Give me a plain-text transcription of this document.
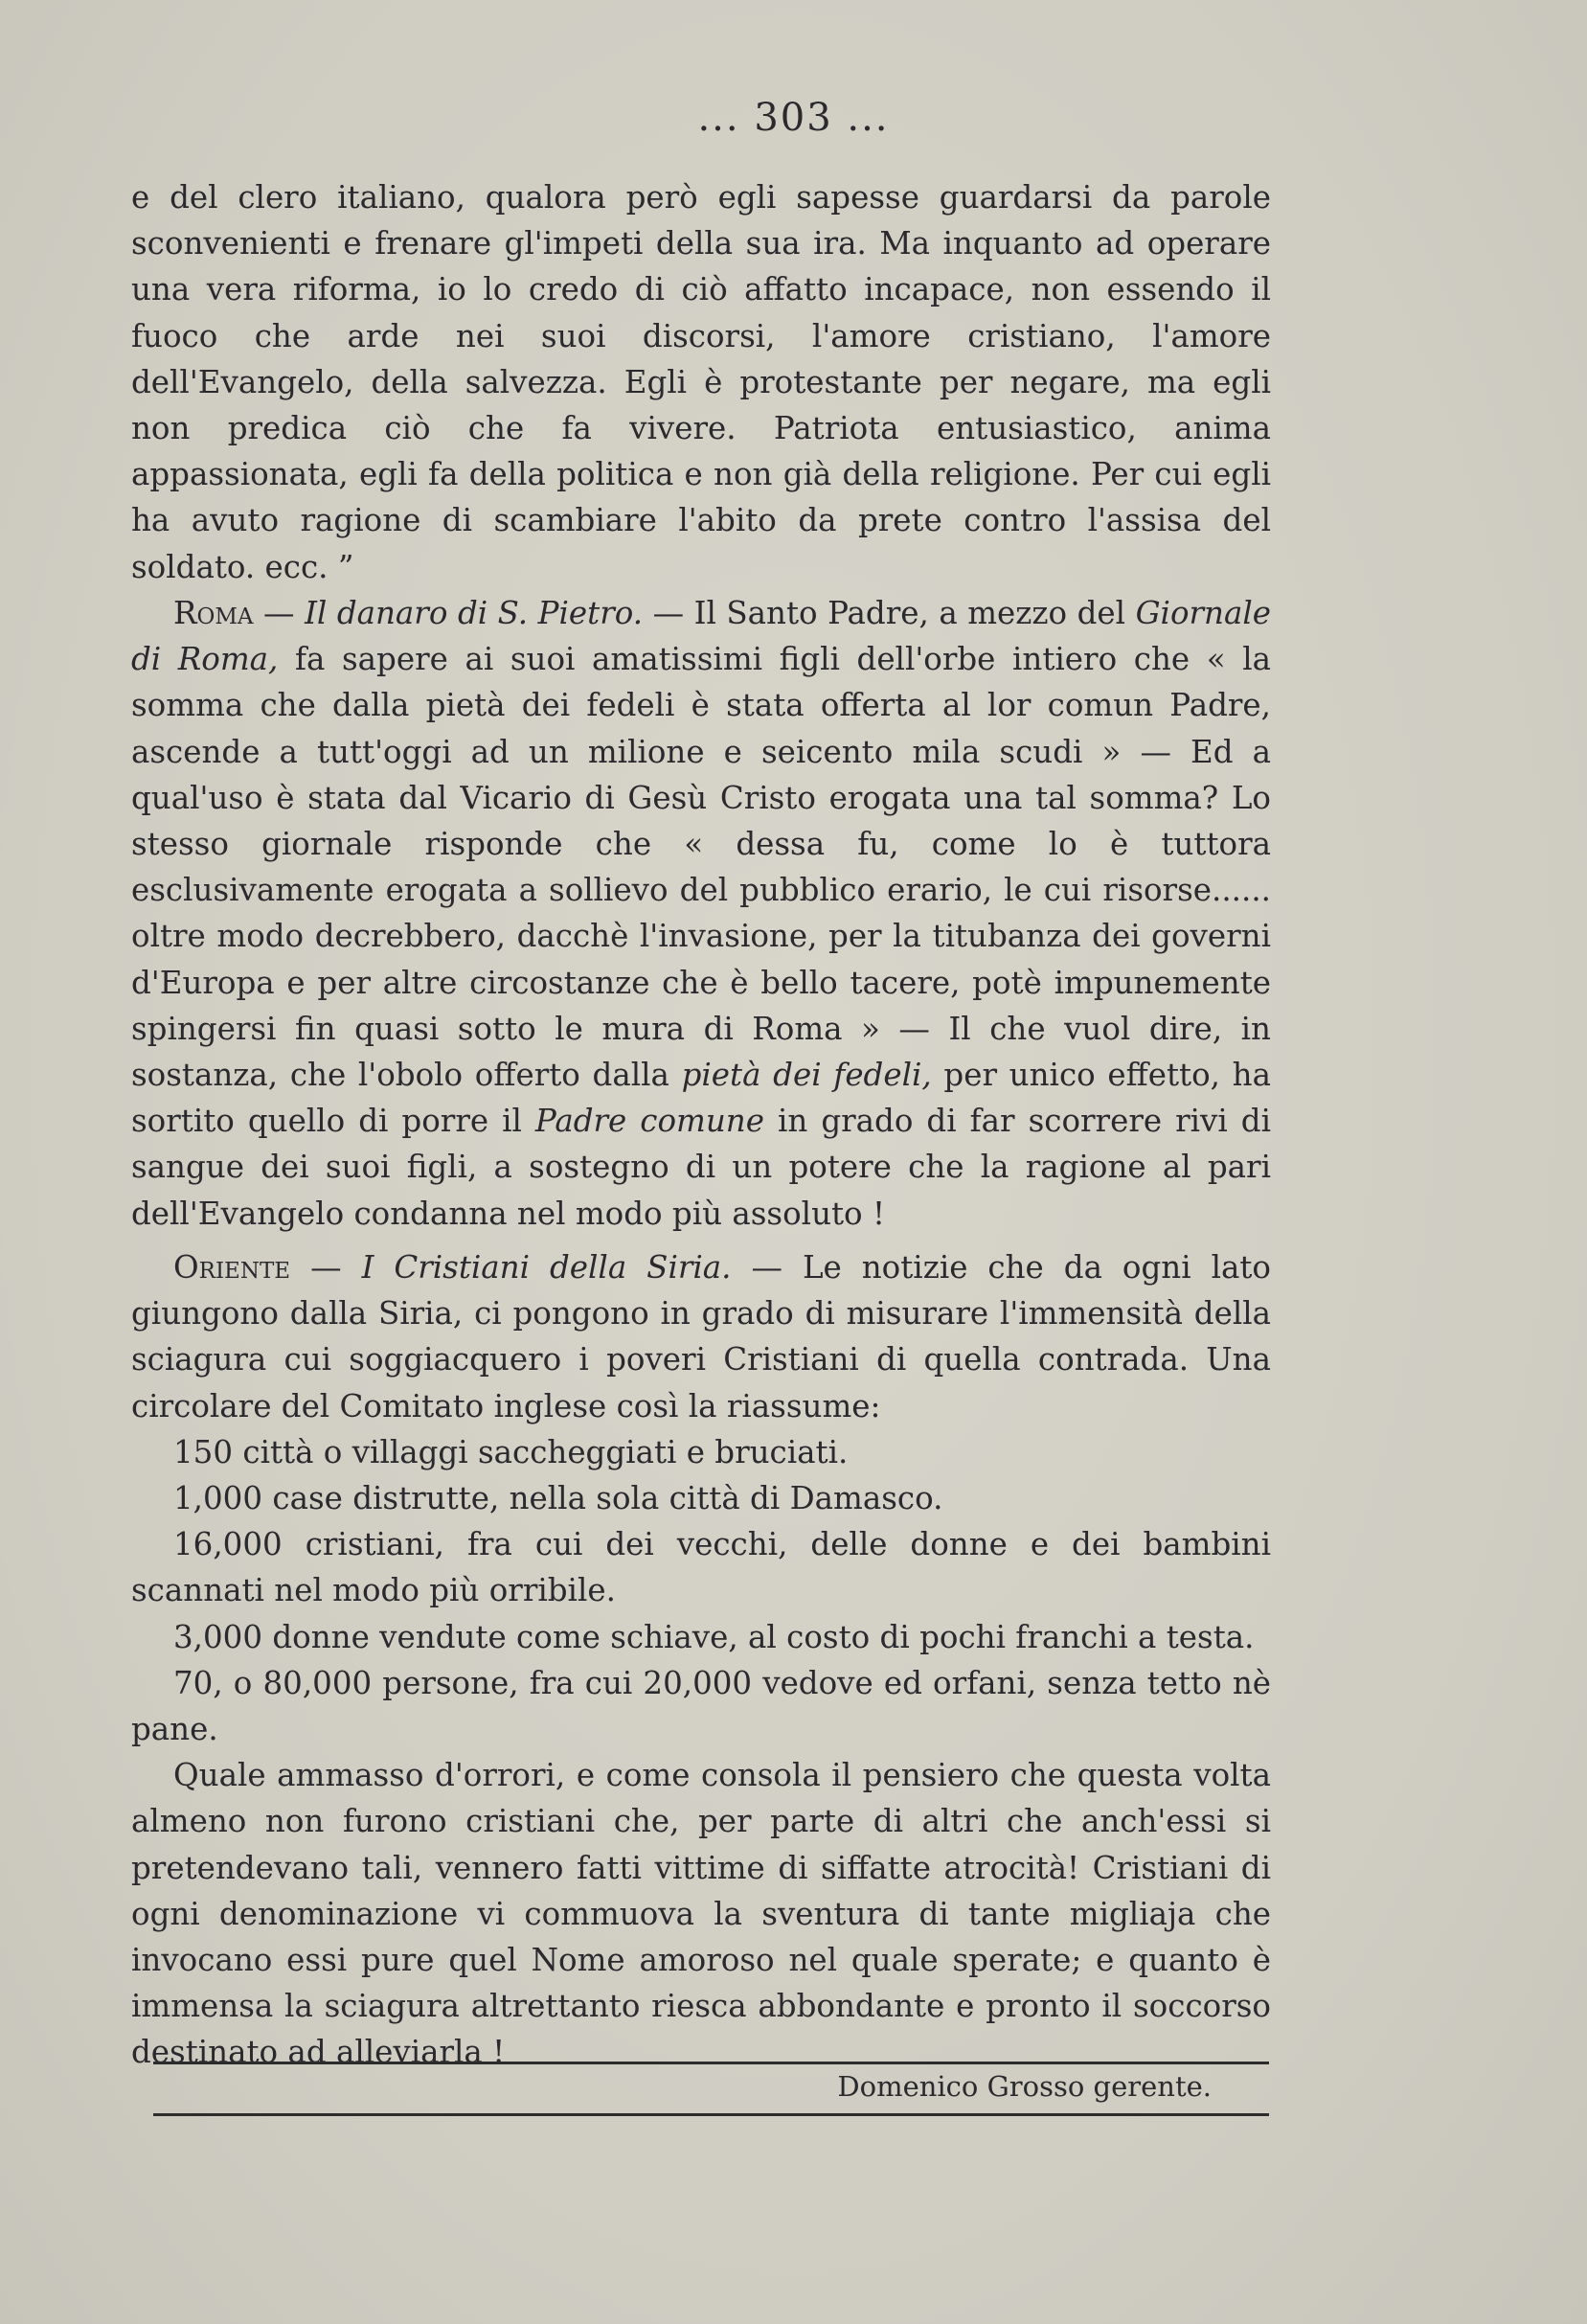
... 303 ...

e del clero italiano, qualora però egli sapesse guardarsi da parole sconvenienti e frenare gl'impeti della sua ira. Ma inquanto ad operare una vera riforma, io lo credo di ciò affatto incapace, non essendo il fuoco che arde nei suoi discorsi, l'amore cristiano, l'amore dell'Evangelo, della salvezza. Egli è protestante per negare, ma egli non predica ciò che fa vivere. Patriota entusiastico, anima appassionata, egli fa della politica e non già della religione. Per cui egli ha avuto ragione di scambiare l'abito da prete contro l'assisa del soldato. ecc. ”

Roma — Il danaro di S. Pietro. — Il Santo Padre, a mezzo del Giornale di Roma, fa sapere ai suoi amatissimi figli dell'orbe intiero che « la somma che dalla pietà dei fedeli è stata offerta al lor comun Padre, ascende a tutt'oggi ad un milione e seicento mila scudi » — Ed a qual'uso è stata dal Vicario di Gesù Cristo erogata una tal somma? Lo stesso giornale risponde che « dessa fu, come lo è tuttora esclusivamente erogata a sollievo del pubblico erario, le cui risorse...... oltre modo decrebbero, dacchè l'invasione, per la titubanza dei governi d'Europa e per altre circostanze che è bello tacere, potè impunemente spingersi fin quasi sotto le mura di Roma » — Il che vuol dire, in sostanza, che l'obolo offerto dalla pietà dei fedeli, per unico effetto, ha sortito quello di porre il Padre comune in grado di far scorrere rivi di sangue dei suoi figli, a sostegno di un potere che la ragione al pari dell'Evangelo condanna nel modo più assoluto !

Oriente — I Cristiani della Siria. — Le notizie che da ogni lato giungono dalla Siria, ci pongono in grado di misurare l'immensità della sciagura cui soggiacquero i poveri Cristiani di quella contrada. Una circolare del Comitato inglese così la riassume:

150 città o villaggi saccheggiati e bruciati.

1,000 case distrutte, nella sola città di Damasco.

16,000 cristiani, fra cui dei vecchi, delle donne e dei bambini scannati nel modo più orribile.

3,000 donne vendute come schiave, al costo di pochi franchi a testa.

70, o 80,000 persone, fra cui 20,000 vedove ed orfani, senza tetto nè pane.

Quale ammasso d'orrori, e come consola il pensiero che questa volta almeno non furono cristiani che, per parte di altri che anch'essi si pretendevano tali, vennero fatti vittime di siffatte atrocità! Cristiani di ogni denominazione vi commuova la sventura di tante migliaja che invocano essi pure quel Nome amoroso nel quale sperate; e quanto è immensa la sciagura altrettanto riesca abbondante e pronto il soccorso destinato ad alleviarla !

Domenico Grosso gerente.
